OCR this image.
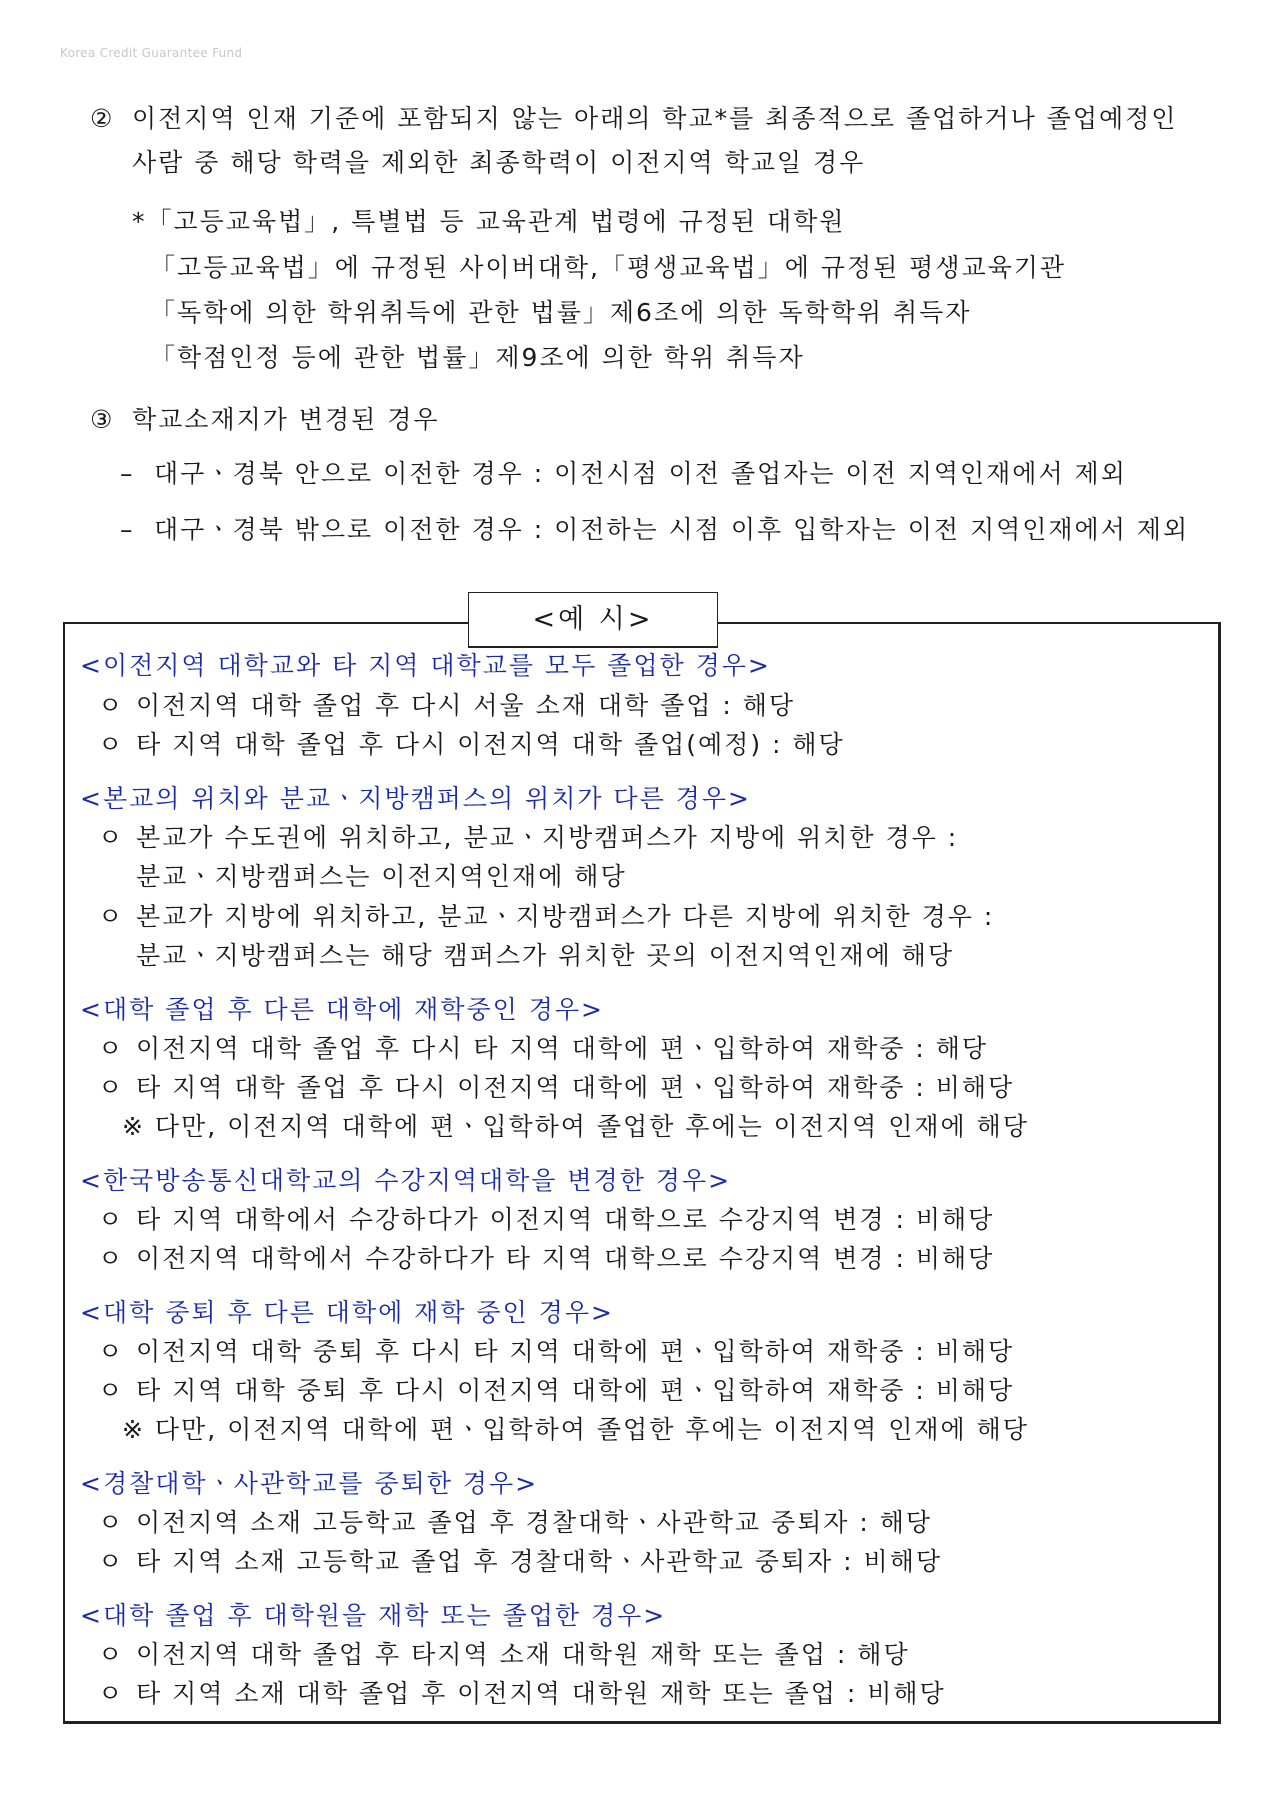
Korea Credit Guarantee Fund
② 이전지역 인재 기준에 포함되지 않는 아래의 학교*를 최종적으로 졸업하거나 졸업예정인
사람 중 해당 학력을 제외한 최종학력이 이전지역 학교일 경우
*「고등교육법」, 특별법 등 교육관계 법령에 규정된 대학원
「고등교육법」에 규정된 사이버대학,「평생교육법」에 규정된 평생교육기관
「독학에 의한 학위취득에 관한 법률」제6조에 의한 독학학위 취득자
「학점인정 등에 관한 법률」제9조에 의한 학위 취득자
③ 학교소재지가 변경된 경우
– 대구ㆍ경북 안으로 이전한 경우 : 이전시점 이전 졸업자는 이전 지역인재에서 제외
– 대구ㆍ경북 밖으로 이전한 경우 : 이전하는 시점 이후 입학자는 이전 지역인재에서 제외
<예 시>
<이전지역 대학교와 타 지역 대학교를 모두 졸업한 경우>
ㅇ 이전지역 대학 졸업 후 다시 서울 소재 대학 졸업 : 해당
ㅇ 타 지역 대학 졸업 후 다시 이전지역 대학 졸업(예정) : 해당
<본교의 위치와 분교ㆍ지방캠퍼스의 위치가 다른 경우>
ㅇ 본교가 수도권에 위치하고, 분교ㆍ지방캠퍼스가 지방에 위치한 경우 :
분교ㆍ지방캠퍼스는 이전지역인재에 해당
ㅇ 본교가 지방에 위치하고, 분교ㆍ지방캠퍼스가 다른 지방에 위치한 경우 :
분교ㆍ지방캠퍼스는 해당 캠퍼스가 위치한 곳의 이전지역인재에 해당
<대학 졸업 후 다른 대학에 재학중인 경우>
ㅇ 이전지역 대학 졸업 후 다시 타 지역 대학에 편ㆍ입학하여 재학중 : 해당
ㅇ 타 지역 대학 졸업 후 다시 이전지역 대학에 편ㆍ입학하여 재학중 : 비해당
※ 다만, 이전지역 대학에 편ㆍ입학하여 졸업한 후에는 이전지역 인재에 해당
<한국방송통신대학교의 수강지역대학을 변경한 경우>
ㅇ 타 지역 대학에서 수강하다가 이전지역 대학으로 수강지역 변경 : 비해당
ㅇ 이전지역 대학에서 수강하다가 타 지역 대학으로 수강지역 변경 : 비해당
<대학 중퇴 후 다른 대학에 재학 중인 경우>
ㅇ 이전지역 대학 중퇴 후 다시 타 지역 대학에 편ㆍ입학하여 재학중 : 비해당
ㅇ 타 지역 대학 중퇴 후 다시 이전지역 대학에 편ㆍ입학하여 재학중 : 비해당
※ 다만, 이전지역 대학에 편ㆍ입학하여 졸업한 후에는 이전지역 인재에 해당
<경찰대학ㆍ사관학교를 중퇴한 경우>
ㅇ 이전지역 소재 고등학교 졸업 후 경찰대학ㆍ사관학교 중퇴자 : 해당
ㅇ 타 지역 소재 고등학교 졸업 후 경찰대학ㆍ사관학교 중퇴자 : 비해당
<대학 졸업 후 대학원을 재학 또는 졸업한 경우>
ㅇ 이전지역 대학 졸업 후 타지역 소재 대학원 재학 또는 졸업 : 해당
ㅇ 타 지역 소재 대학 졸업 후 이전지역 대학원 재학 또는 졸업 : 비해당
